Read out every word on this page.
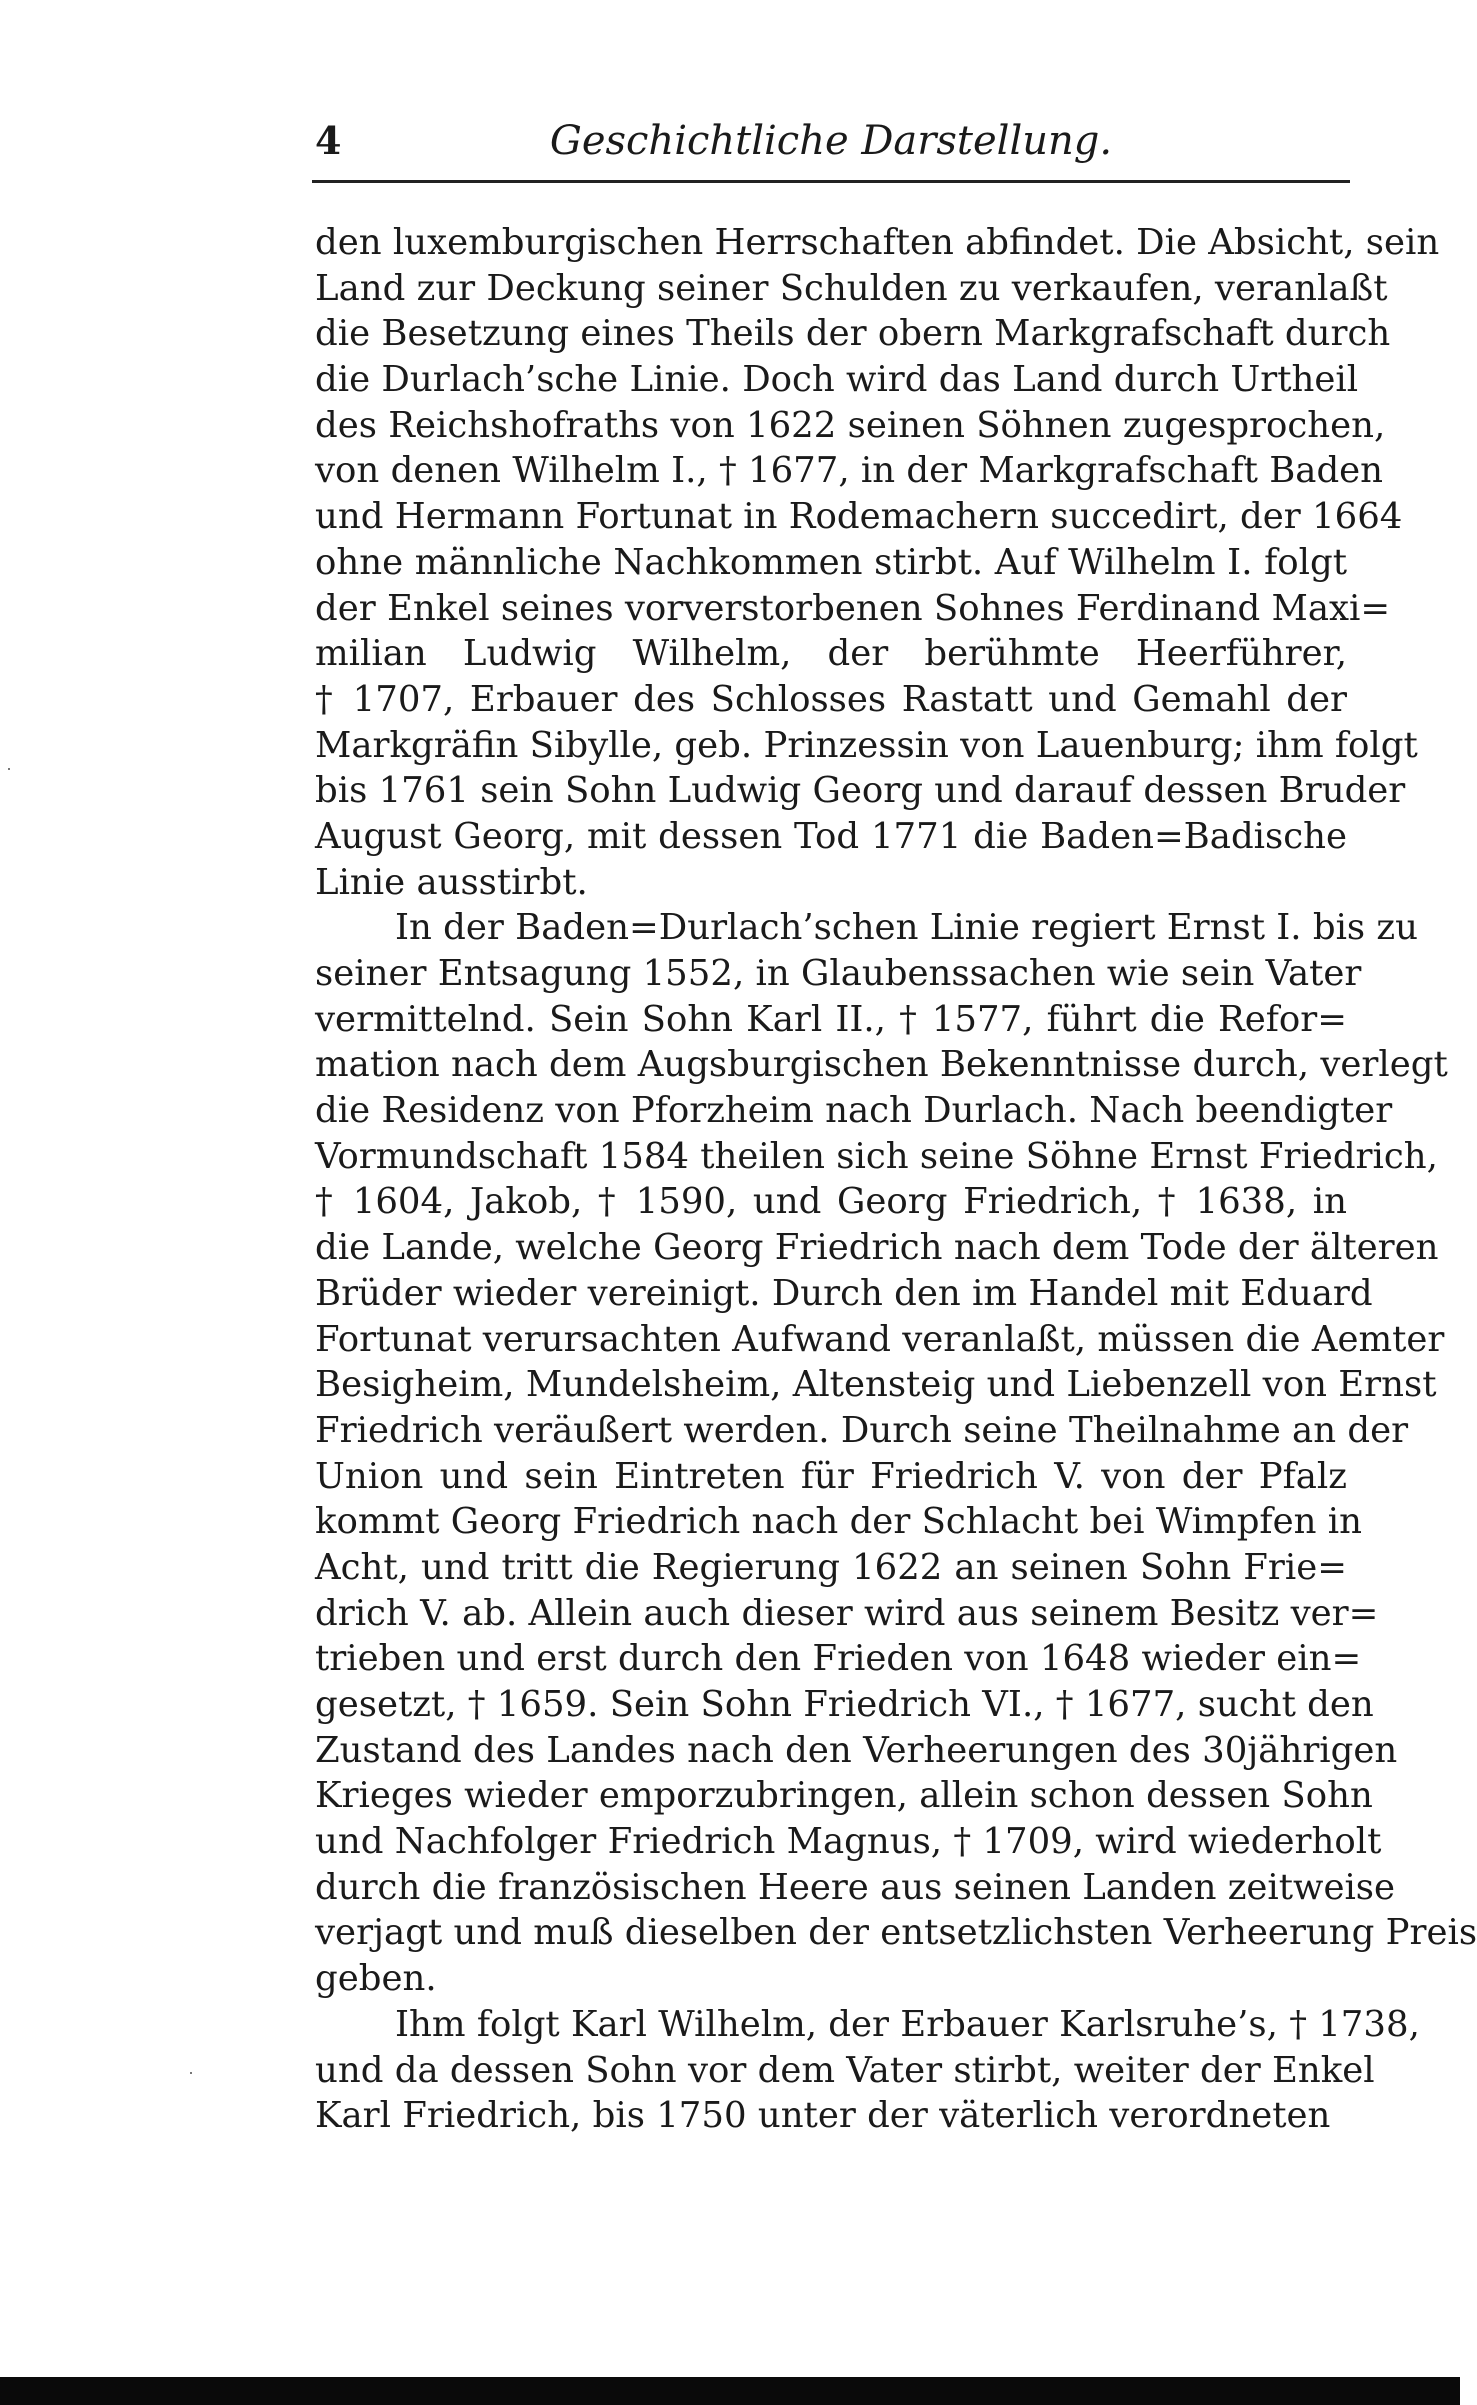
4	Geschichtliche Darstellung.
den luxemburgischen Herrschaften abfindet. Die Absicht, sein
Land zur Deckung seiner Schulden zu verkaufen, veranlaßt
die Besetzung eines Theils der obern Markgrafschaft durch
die Durlach’sche Linie. Doch wird das Land durch Urtheil
des Reichshofraths von 1622 seinen Söhnen zugesprochen,
von denen Wilhelm I., † 1677, in der Markgrafschaft Baden
und Hermann Fortunat in Rodemachern succedirt, der 1664
ohne männliche Nachkommen stirbt. Auf Wilhelm I. folgt
der Enkel seines vorverstorbenen Sohnes Ferdinand Maxi=
milian Ludwig Wilhelm, der berühmte Heerführer,
† 1707, Erbauer des Schlosses Rastatt und Gemahl der
Markgräfin Sibylle, geb. Prinzessin von Lauenburg; ihm folgt
bis 1761 sein Sohn Ludwig Georg und darauf dessen Bruder
August Georg, mit dessen Tod 1771 die Baden=Badische
Linie ausstirbt.
In der Baden=Durlach’schen Linie regiert Ernst I. bis zu
seiner Entsagung 1552, in Glaubenssachen wie sein Vater
vermittelnd. Sein Sohn Karl II., † 1577, führt die Refor=
mation nach dem Augsburgischen Bekenntnisse durch, verlegt
die Residenz von Pforzheim nach Durlach. Nach beendigter
Vormundschaft 1584 theilen sich seine Söhne Ernst Friedrich,
† 1604, Jakob, † 1590, und Georg Friedrich, † 1638, in
die Lande, welche Georg Friedrich nach dem Tode der älteren
Brüder wieder vereinigt. Durch den im Handel mit Eduard
Fortunat verursachten Aufwand veranlaßt, müssen die Aemter
Besigheim, Mundelsheim, Altensteig und Liebenzell von Ernst
Friedrich veräußert werden. Durch seine Theilnahme an der
Union und sein Eintreten für Friedrich V. von der Pfalz
kommt Georg Friedrich nach der Schlacht bei Wimpfen in
Acht, und tritt die Regierung 1622 an seinen Sohn Frie=
drich V. ab. Allein auch dieser wird aus seinem Besitz ver=
trieben und erst durch den Frieden von 1648 wieder ein=
gesetzt, † 1659. Sein Sohn Friedrich VI., † 1677, sucht den
Zustand des Landes nach den Verheerungen des 30jährigen
Krieges wieder emporzubringen, allein schon dessen Sohn
und Nachfolger Friedrich Magnus, † 1709, wird wiederholt
durch die französischen Heere aus seinen Landen zeitweise
verjagt und muß dieselben der entsetzlichsten Verheerung Preis
geben.
Ihm folgt Karl Wilhelm, der Erbauer Karlsruhe’s, † 1738,
und da dessen Sohn vor dem Vater stirbt, weiter der Enkel
Karl Friedrich, bis 1750 unter der väterlich verordneten
